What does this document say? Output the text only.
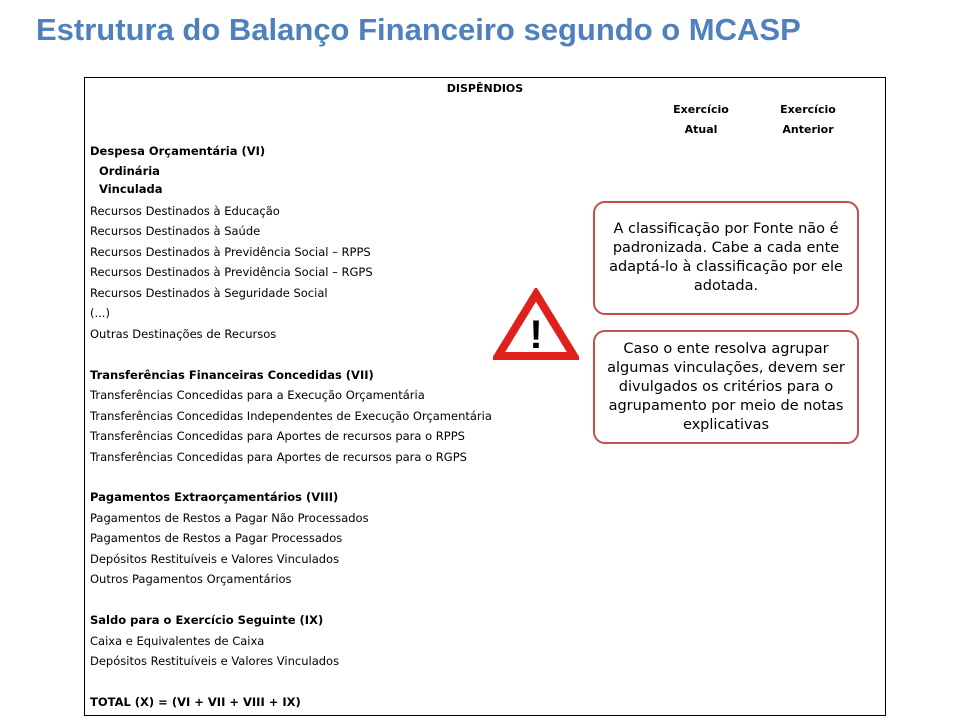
Estrutura do Balanço Financeiro segundo o MCASP
DISPÊNDIOS
Exercício
Atual
Exercício
Anterior
Despesa Orçamentária (VI)
Ordinária
Vinculada
Recursos Destinados à Educação
Recursos Destinados à Saúde
Recursos Destinados à Previdência Social – RPPS
Recursos Destinados à Previdência Social – RGPS
Recursos Destinados à Seguridade Social
(...)
Outras Destinações de Recursos
Transferências Financeiras Concedidas (VII)
Transferências Concedidas para a Execução Orçamentária
Transferências Concedidas Independentes de Execução Orçamentária
Transferências Concedidas para Aportes de recursos para o RPPS
Transferências Concedidas para Aportes de recursos para o RGPS
Pagamentos Extraorçamentários (VIII)
Pagamentos de Restos a Pagar Não Processados
Pagamentos de Restos a Pagar Processados
Depósitos Restituíveis e Valores Vinculados
Outros Pagamentos Orçamentários
Saldo para o Exercício Seguinte (IX)
Caixa e Equivalentes de Caixa
Depósitos Restituíveis e Valores Vinculados
TOTAL (X) = (VI + VII + VIII + IX)
!
A classificação por Fonte não é padronizada. Cabe a cada ente adaptá-lo à classificação por ele adotada.
Caso o ente resolva agrupar algumas vinculações, devem ser divulgados os critérios para o agrupamento por meio de notas explicativas
